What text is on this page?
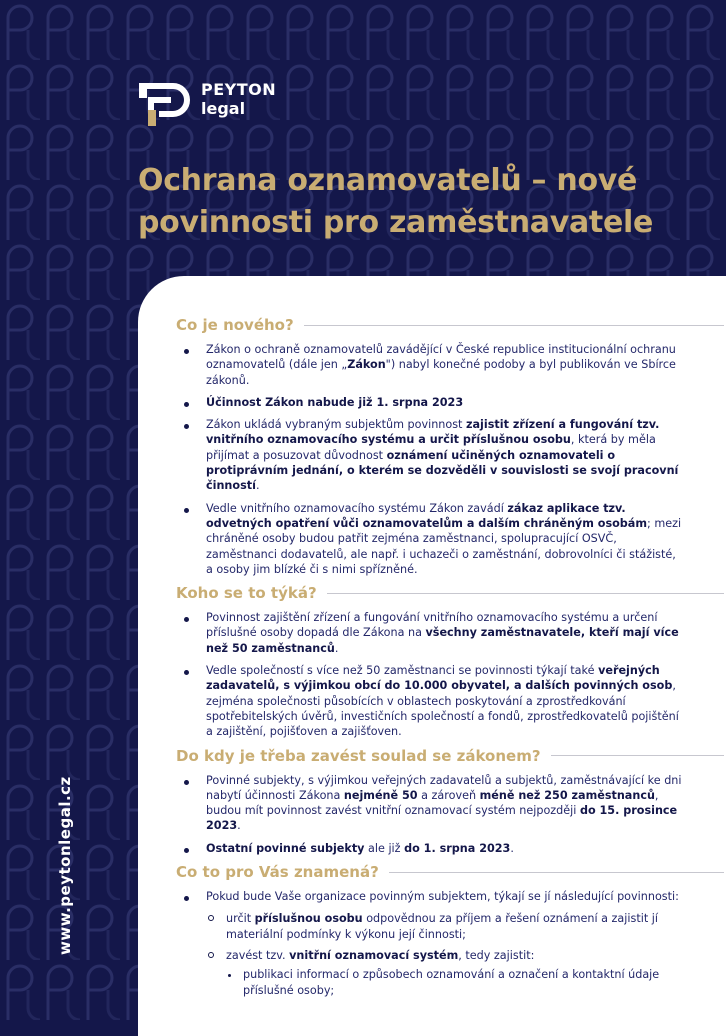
PEYTON
legal
Ochrana oznamovatelů – nové
povinnosti pro zaměstnavatele
www.peytonlegal.cz
Co je nového?
Zákon o ochraně oznamovatelů zavádějící v České republice institucionální ochranu oznamovatelů (dále jen „Zákon") nabyl konečné podoby a byl publikován ve Sbírce zákonů.
Účinnost Zákon nabude již 1. srpna 2023
Zákon ukládá vybraným subjektům povinnost zajistit zřízení a fungování tzv. vnitřního oznamovacího systému a určit příslušnou osobu, která by měla přijímat a posuzovat důvodnost oznámení učiněných oznamovateli o protiprávním jednání, o kterém se dozvěděli v souvislosti se svojí pracovní činností.
Vedle vnitřního oznamovacího systému Zákon zavádí zákaz aplikace tzv. odvetných opatření vůči oznamovatelům a dalším chráněným osobám; mezi chráněné osoby budou patřit zejména zaměstnanci, spolupracující OSVČ, zaměstnanci dodavatelů, ale např. i uchazeči o zaměstnání, dobrovolníci či stážisté, a osoby jim blízké či s nimi spřízněné.
Koho se to týká?
Povinnost zajištění zřízení a fungování vnitřního oznamovacího systému a určení příslušné osoby dopadá dle Zákona na všechny zaměstnavatele, kteří mají více než 50 zaměstnanců.
Vedle společností s více než 50 zaměstnanci se povinnosti týkají také veřejných zadavatelů, s výjimkou obcí do 10.000 obyvatel, a dalších povinných osob, zejména společnosti působících v oblastech poskytování a zprostředkování spotřebitelských úvěrů, investičních společností a fondů, zprostředkovatelů pojištění a zajištění, pojišťoven a zajišťoven.
Do kdy je třeba zavést soulad se zákonem?
Povinné subjekty, s výjimkou veřejných zadavatelů a subjektů, zaměstnávající ke dni nabytí účinnosti Zákona nejméně 50 a zároveň méně než 250 zaměstnanců, budou mít povinnost zavést vnitřní oznamovací systém nejpozději do 15. prosince 2023.
Ostatní povinné subjekty ale již do 1. srpna 2023.
Co to pro Vás znamená?
Pokud bude Vaše organizace povinným subjektem, týkají se jí následující povinnosti:
určit příslušnou osobu odpovědnou za příjem a řešení oznámení a zajistit jí materiální podmínky k výkonu její činnosti;
zavést tzv. vnitřní oznamovací systém, tedy zajistit:
publikaci informací o způsobech oznamování a označení a kontaktní údaje příslušné osoby;
